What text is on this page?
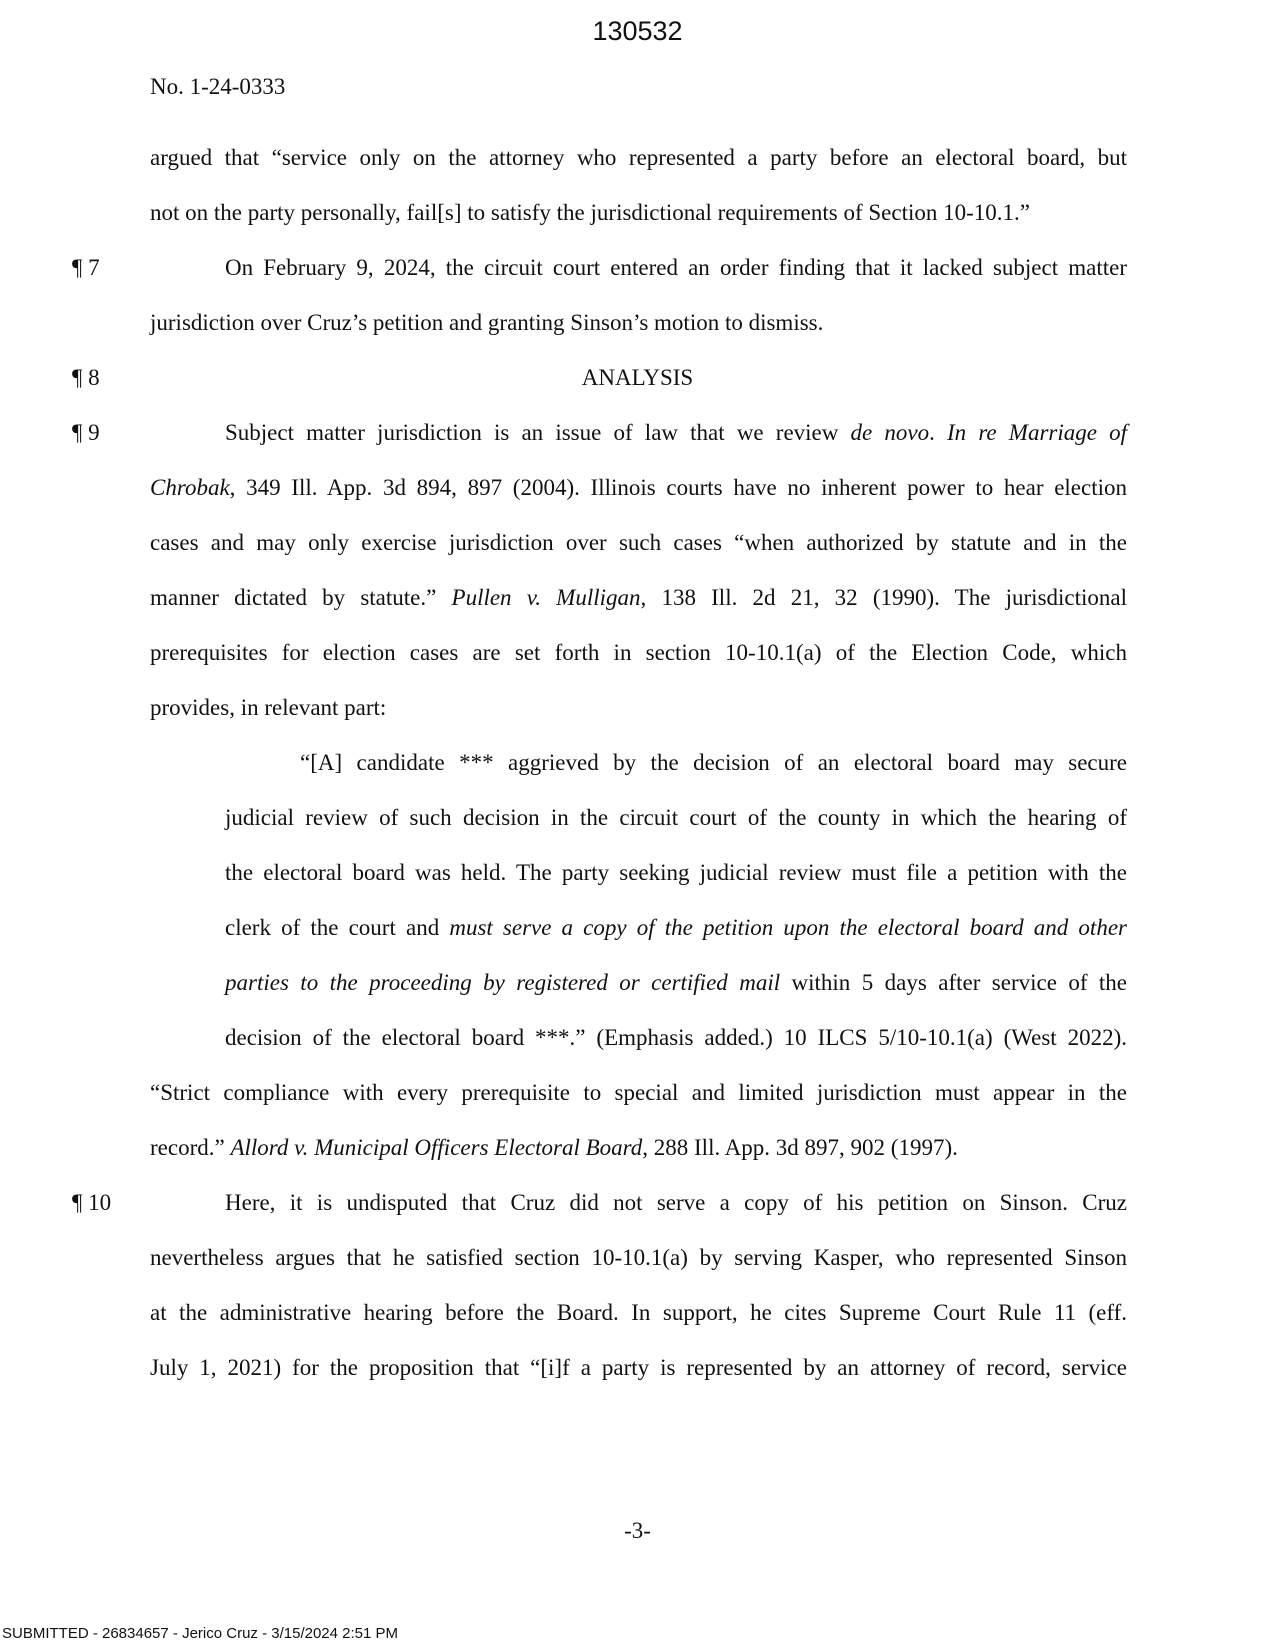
130532
No. 1-24-0333
argued that “service only on the attorney who represented a party before an electoral board, but
not on the party personally, fail[s] to satisfy the jurisdictional requirements of Section 10-10.1.”
¶ 7	On February 9, 2024, the circuit court entered an order finding that it lacked subject matter
jurisdiction over Cruz’s petition and granting Sinson’s motion to dismiss.
¶ 8	ANALYSIS
¶ 9	Subject matter jurisdiction is an issue of law that we review de novo. In re Marriage of
Chrobak, 349 Ill. App. 3d 894, 897 (2004). Illinois courts have no inherent power to hear election
cases and may only exercise jurisdiction over such cases “when authorized by statute and in the
manner dictated by statute.” Pullen v. Mulligan, 138 Ill. 2d 21, 32 (1990). The jurisdictional
prerequisites for election cases are set forth in section 10-10.1(a) of the Election Code, which
provides, in relevant part:
“[A] candidate *** aggrieved by the decision of an electoral board may secure
judicial review of such decision in the circuit court of the county in which the hearing of
the electoral board was held. The party seeking judicial review must file a petition with the
clerk of the court and must serve a copy of the petition upon the electoral board and other
parties to the proceeding by registered or certified mail within 5 days after service of the
decision of the electoral board ***.” (Emphasis added.) 10 ILCS 5/10-10.1(a) (West 2022).
“Strict compliance with every prerequisite to special and limited jurisdiction must appear in the
record.” Allord v. Municipal Officers Electoral Board, 288 Ill. App. 3d 897, 902 (1997).
¶ 10	Here, it is undisputed that Cruz did not serve a copy of his petition on Sinson. Cruz
nevertheless argues that he satisfied section 10-10.1(a) by serving Kasper, who represented Sinson
at the administrative hearing before the Board. In support, he cites Supreme Court Rule 11 (eff.
July 1, 2021) for the proposition that “[i]f a party is represented by an attorney of record, service
-3-
SUBMITTED - 26834657 - Jerico Cruz - 3/15/2024 2:51 PM
